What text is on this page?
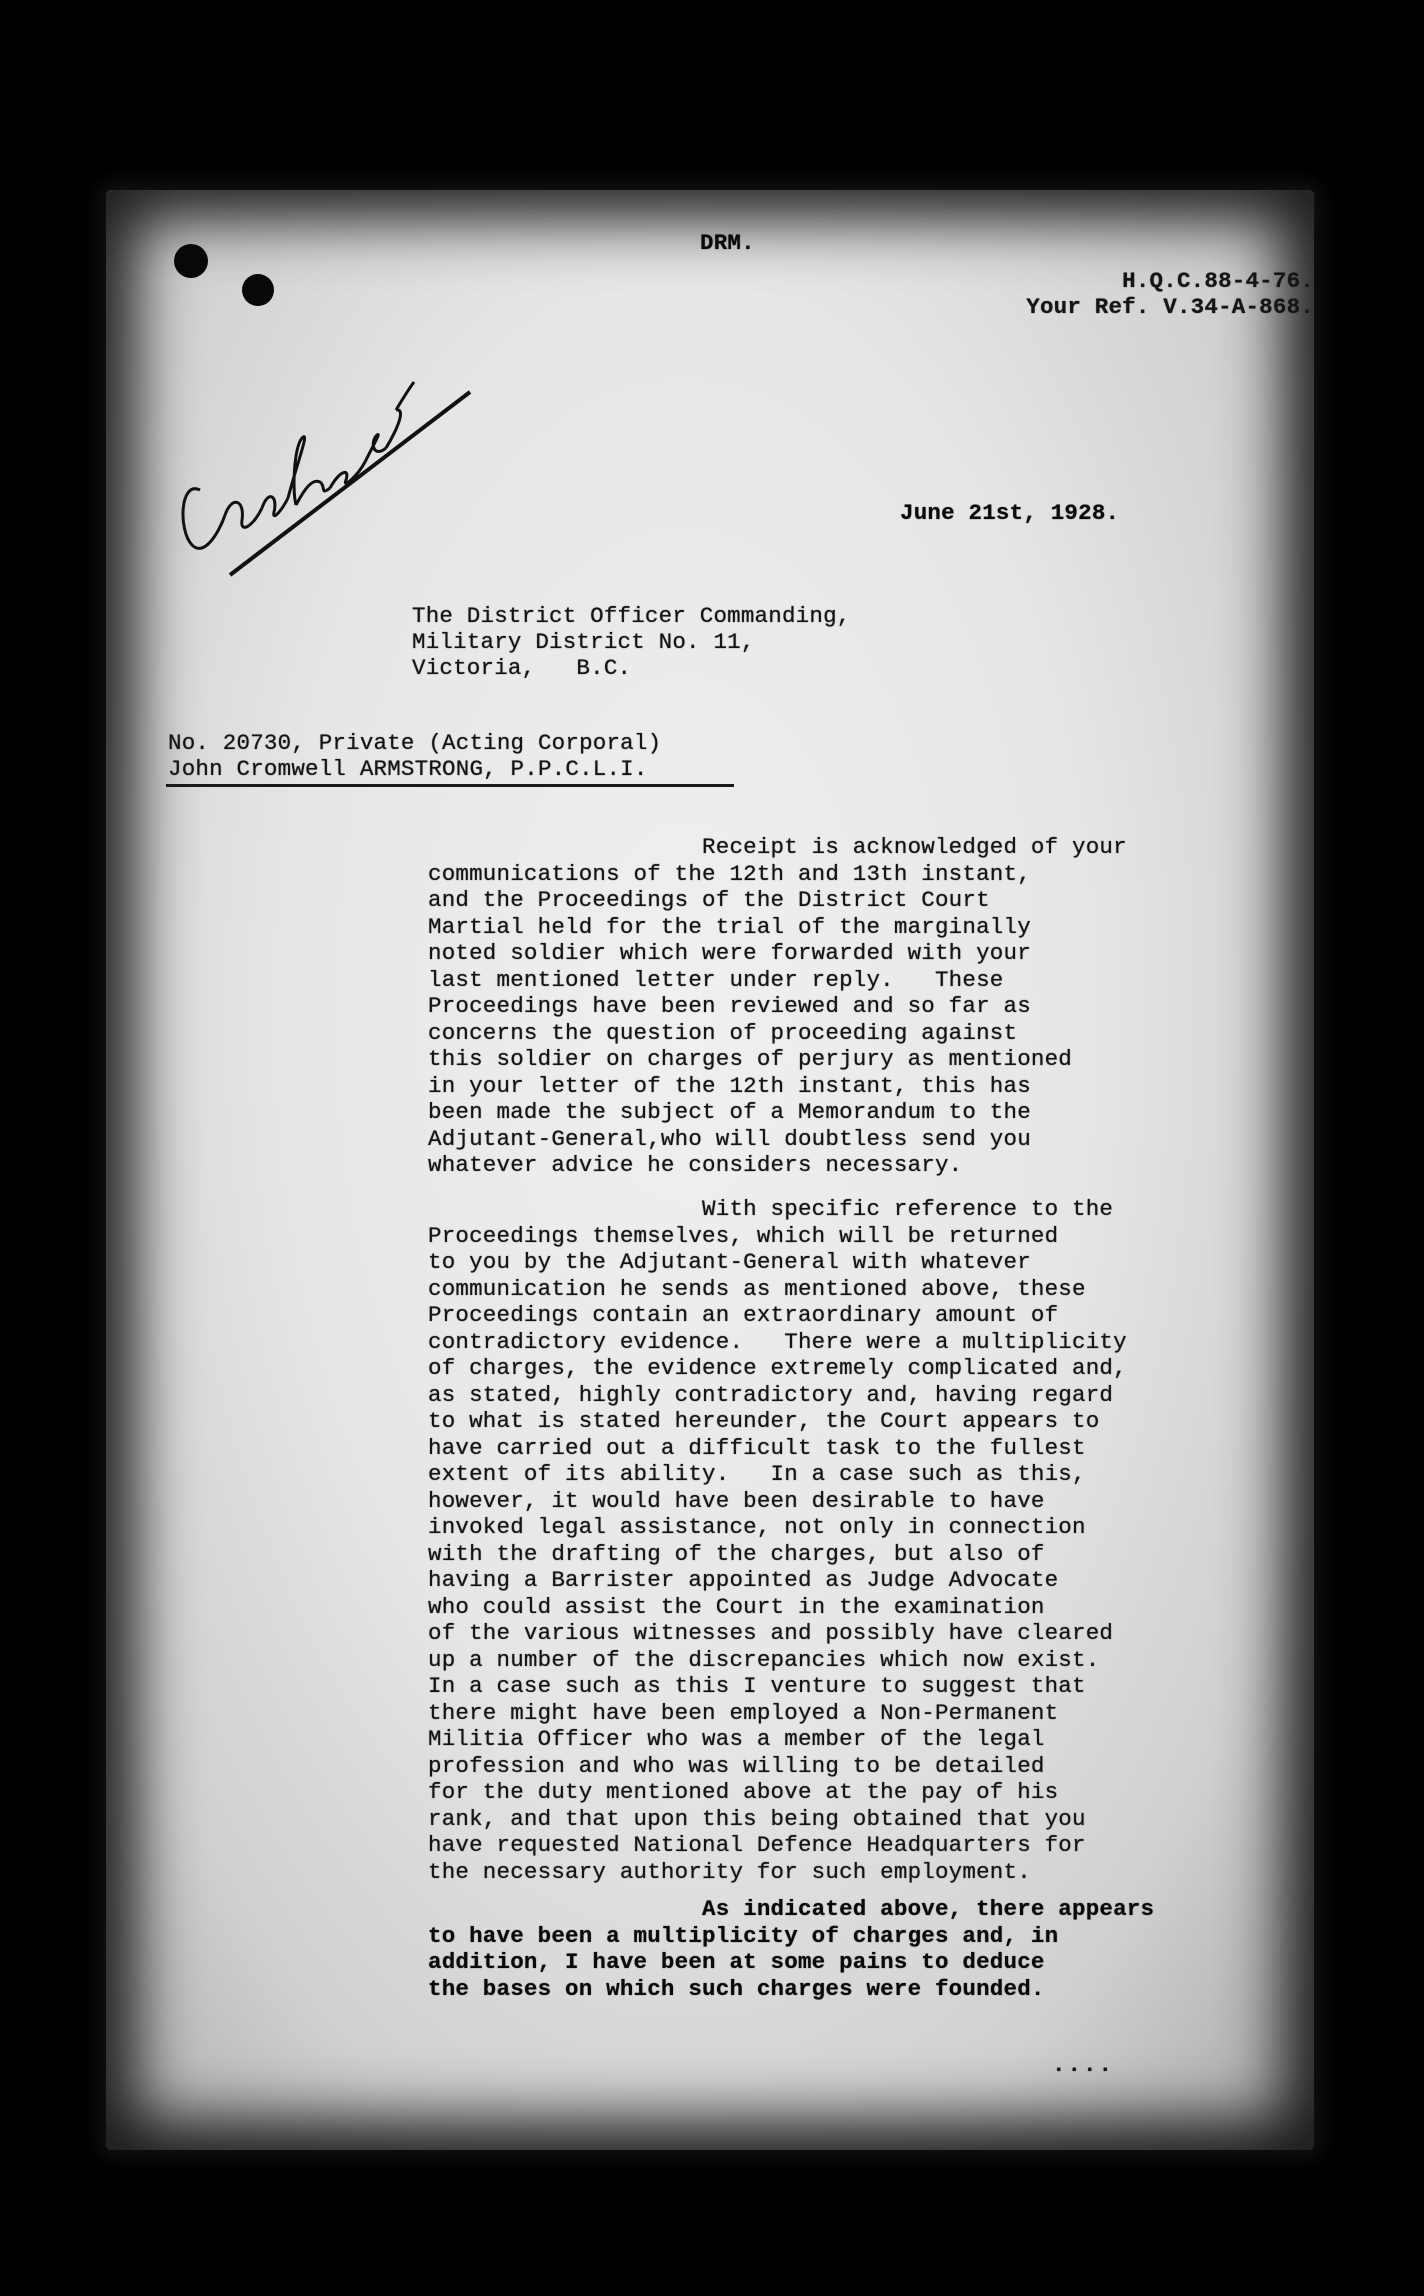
DRM.
H.Q.C.88-4-76.
Your Ref. V.34-A-868.
June 21st, 1928.
The District Officer Commanding,
Military District No. 11,
Victoria,   B.C.
No. 20730, Private (Acting Corporal)
John Cromwell ARMSTRONG, P.P.C.L.I.
Receipt is acknowledged of your
communications of the 12th and 13th instant,
and the Proceedings of the District Court
Martial held for the trial of the marginally
noted soldier which were forwarded with your
last mentioned letter under reply.   These
Proceedings have been reviewed and so far as
concerns the question of proceeding against
this soldier on charges of perjury as mentioned
in your letter of the 12th instant, this has
been made the subject of a Memorandum to the
Adjutant-General,who will doubtless send you
whatever advice he considers necessary.
With specific reference to the
Proceedings themselves, which will be returned
to you by the Adjutant-General with whatever
communication he sends as mentioned above, these
Proceedings contain an extraordinary amount of
contradictory evidence.   There were a multiplicity
of charges, the evidence extremely complicated and,
as stated, highly contradictory and, having regard
to what is stated hereunder, the Court appears to
have carried out a difficult task to the fullest
extent of its ability.   In a case such as this,
however, it would have been desirable to have
invoked legal assistance, not only in connection
with the drafting of the charges, but also of
having a Barrister appointed as Judge Advocate
who could assist the Court in the examination
of the various witnesses and possibly have cleared
up a number of the discrepancies which now exist.
In a case such as this I venture to suggest that
there might have been employed a Non-Permanent
Militia Officer who was a member of the legal
profession and who was willing to be detailed
for the duty mentioned above at the pay of his
rank, and that upon this being obtained that you
have requested National Defence Headquarters for
the necessary authority for such employment.
As indicated above, there appears
to have been a multiplicity of charges and, in
addition, I have been at some pains to deduce
the bases on which such charges were founded.
....
